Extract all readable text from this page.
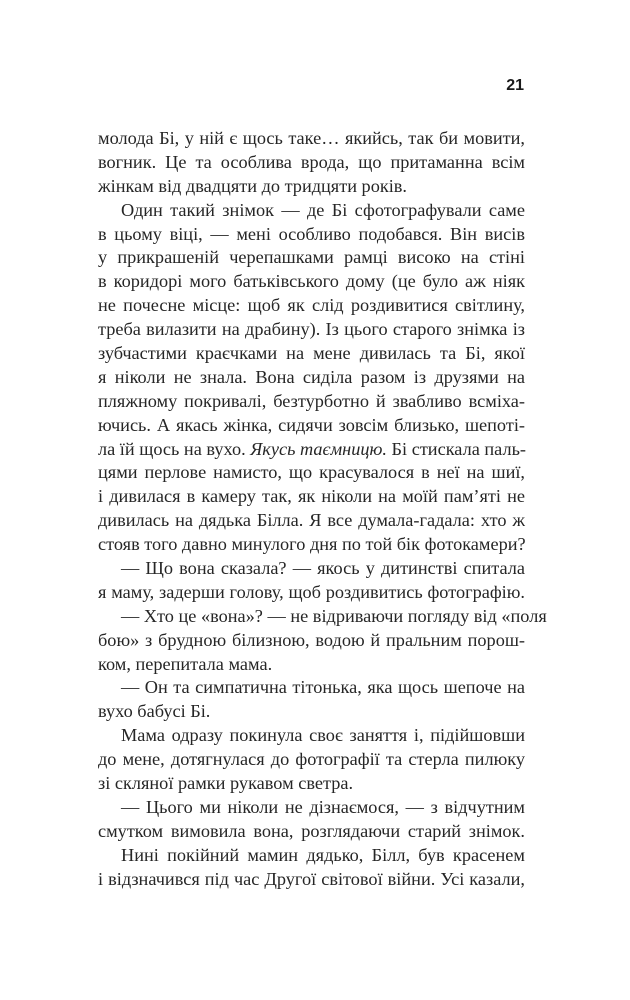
21
молода Бі, у ній є щось таке… якийсь, так би мовити,
вогник. Це та особлива врода, що притаманна всім
жінкам від двадцяти до тридцяти років.
Один такий знімок — де Бі сфотографували саме
в цьому віці, — мені особливо подобався. Він висів
у прикрашеній черепашками рамці високо на стіні
в коридорі мого батьківського дому (це було аж ніяк
не почесне місце: щоб як слід роздивитися світлину,
треба вилазити на драбину). Із цього старого знімка із
зубчастими краєчками на мене дивилась та Бі, якої
я ніколи не знала. Вона сиділа разом із друзями на
пляжному покривалі, безтурботно й звабливо всміха-
ючись. А якась жінка, сидячи зовсім близько, шепоті-
ла їй щось на вухо. Якусь таємницю. Бі стискала паль-
цями перлове намисто, що красувалося в неї на шиї,
і дивилася в камеру так, як ніколи на моїй пам’яті не
дивилась на дядька Білла. Я все думала-гадала: хто ж
стояв того давно минулого дня по той бік фотокамери?
— Що вона сказала? — якось у дитинстві спитала
я маму, задерши голову, щоб роздивитись фотографію.
— Хто це «вона»? — не відриваючи погляду від «поля
бою» з брудною білизною, водою й пральним порош-
ком, перепитала мама.
— Он та симпатична тітонька, яка щось шепоче на
вухо бабусі Бі.
Мама одразу покинула своє заняття і, підійшовши
до мене, дотягнулася до фотографії та стерла пилюку
зі скляної рамки рукавом светра.
— Цього ми ніколи не дізнаємося, — з відчутним
смутком вимовила вона, розглядаючи старий знімок.
Нині покійний мамин дядько, Білл, був красенем
і відзначився під час Другої світової війни. Усі казали,
